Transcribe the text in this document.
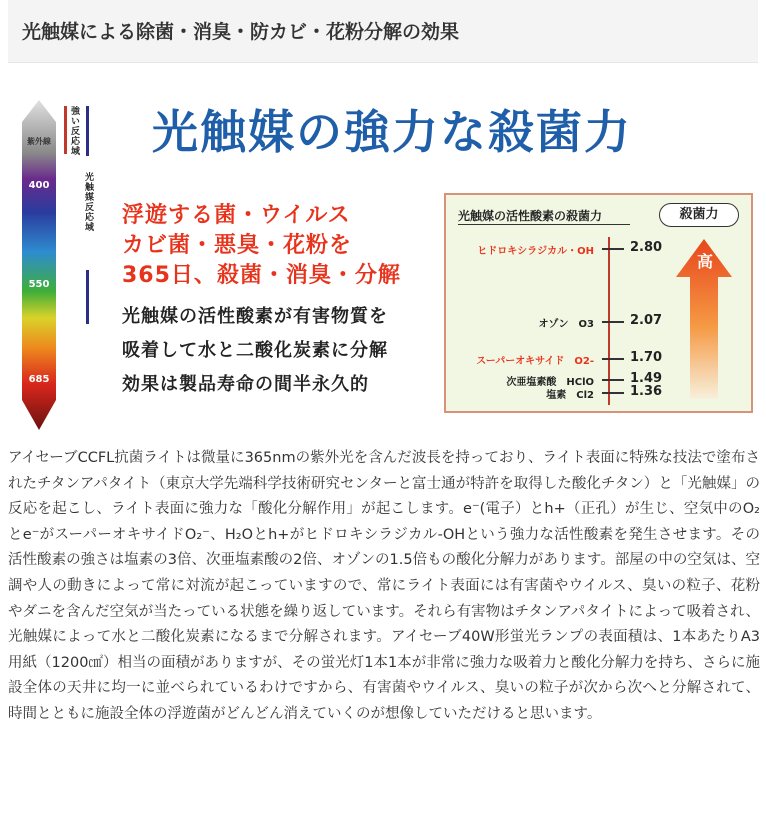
光触媒による除菌・消臭・防カビ・花粉分解の効果
紫外線
400
550
685
強い反応域
光触媒反応域
光触媒の強力な殺菌力
浮遊する菌・ウイルス
カビ菌・悪臭・花粉を
365日、殺菌・消臭・分解
光触媒の活性酸素が有害物質を
吸着して水と二酸化炭素に分解
効果は製品寿命の間半永久的
光触媒の活性酸素の殺菌力	殺菌力
ヒドロキシラジカル・OH	2.80
オゾン　O3	2.07
スーパーオキサイド　O2-	1.70
次亜塩素酸　HClO	1.49
塩素　Cl2	1.36
高

アイセーブCCFL抗菌ライトは微量に365nmの紫外光を含んだ波長を持っており、ライト表面に特殊な技法で塗布されたチタンアパタイト（東京大学先端科学技術研究センターと富士通が特許を取得した酸化チタン）と「光触媒」の反応を起こし、ライト表面に強力な「酸化分解作用」が起こします。e⁻(電子）とh+（正孔）が生じ、空気中のO₂とe⁻がスーパーオキサイドO₂⁻、H₂Oとh+がヒドロキシラジカル-OHという強力な活性酸素を発生させます。その活性酸素の強さは塩素の3倍、次亜塩素酸の2倍、オゾンの1.5倍もの酸化分解力があります。部屋の中の空気は、空調や人の動きによって常に対流が起こっていますので、常にライト表面には有害菌やウイルス、臭いの粒子、花粉やダニを含んだ空気が当たっている状態を繰り返しています。それら有害物はチタンアパタイトによって吸着され、光触媒によって水と二酸化炭素になるまで分解されます。アイセーブ40W形蛍光ランプの表面積は、1本あたりA3用紙（1200㎠）相当の面積がありますが、その蛍光灯1本1本が非常に強力な吸着力と酸化分解力を持ち、さらに施設全体の天井に均一に並べられているわけですから、有害菌やウイルス、臭いの粒子が次から次へと分解されて、時間とともに施設全体の浮遊菌がどんどん消えていくのが想像していただけると思います。
